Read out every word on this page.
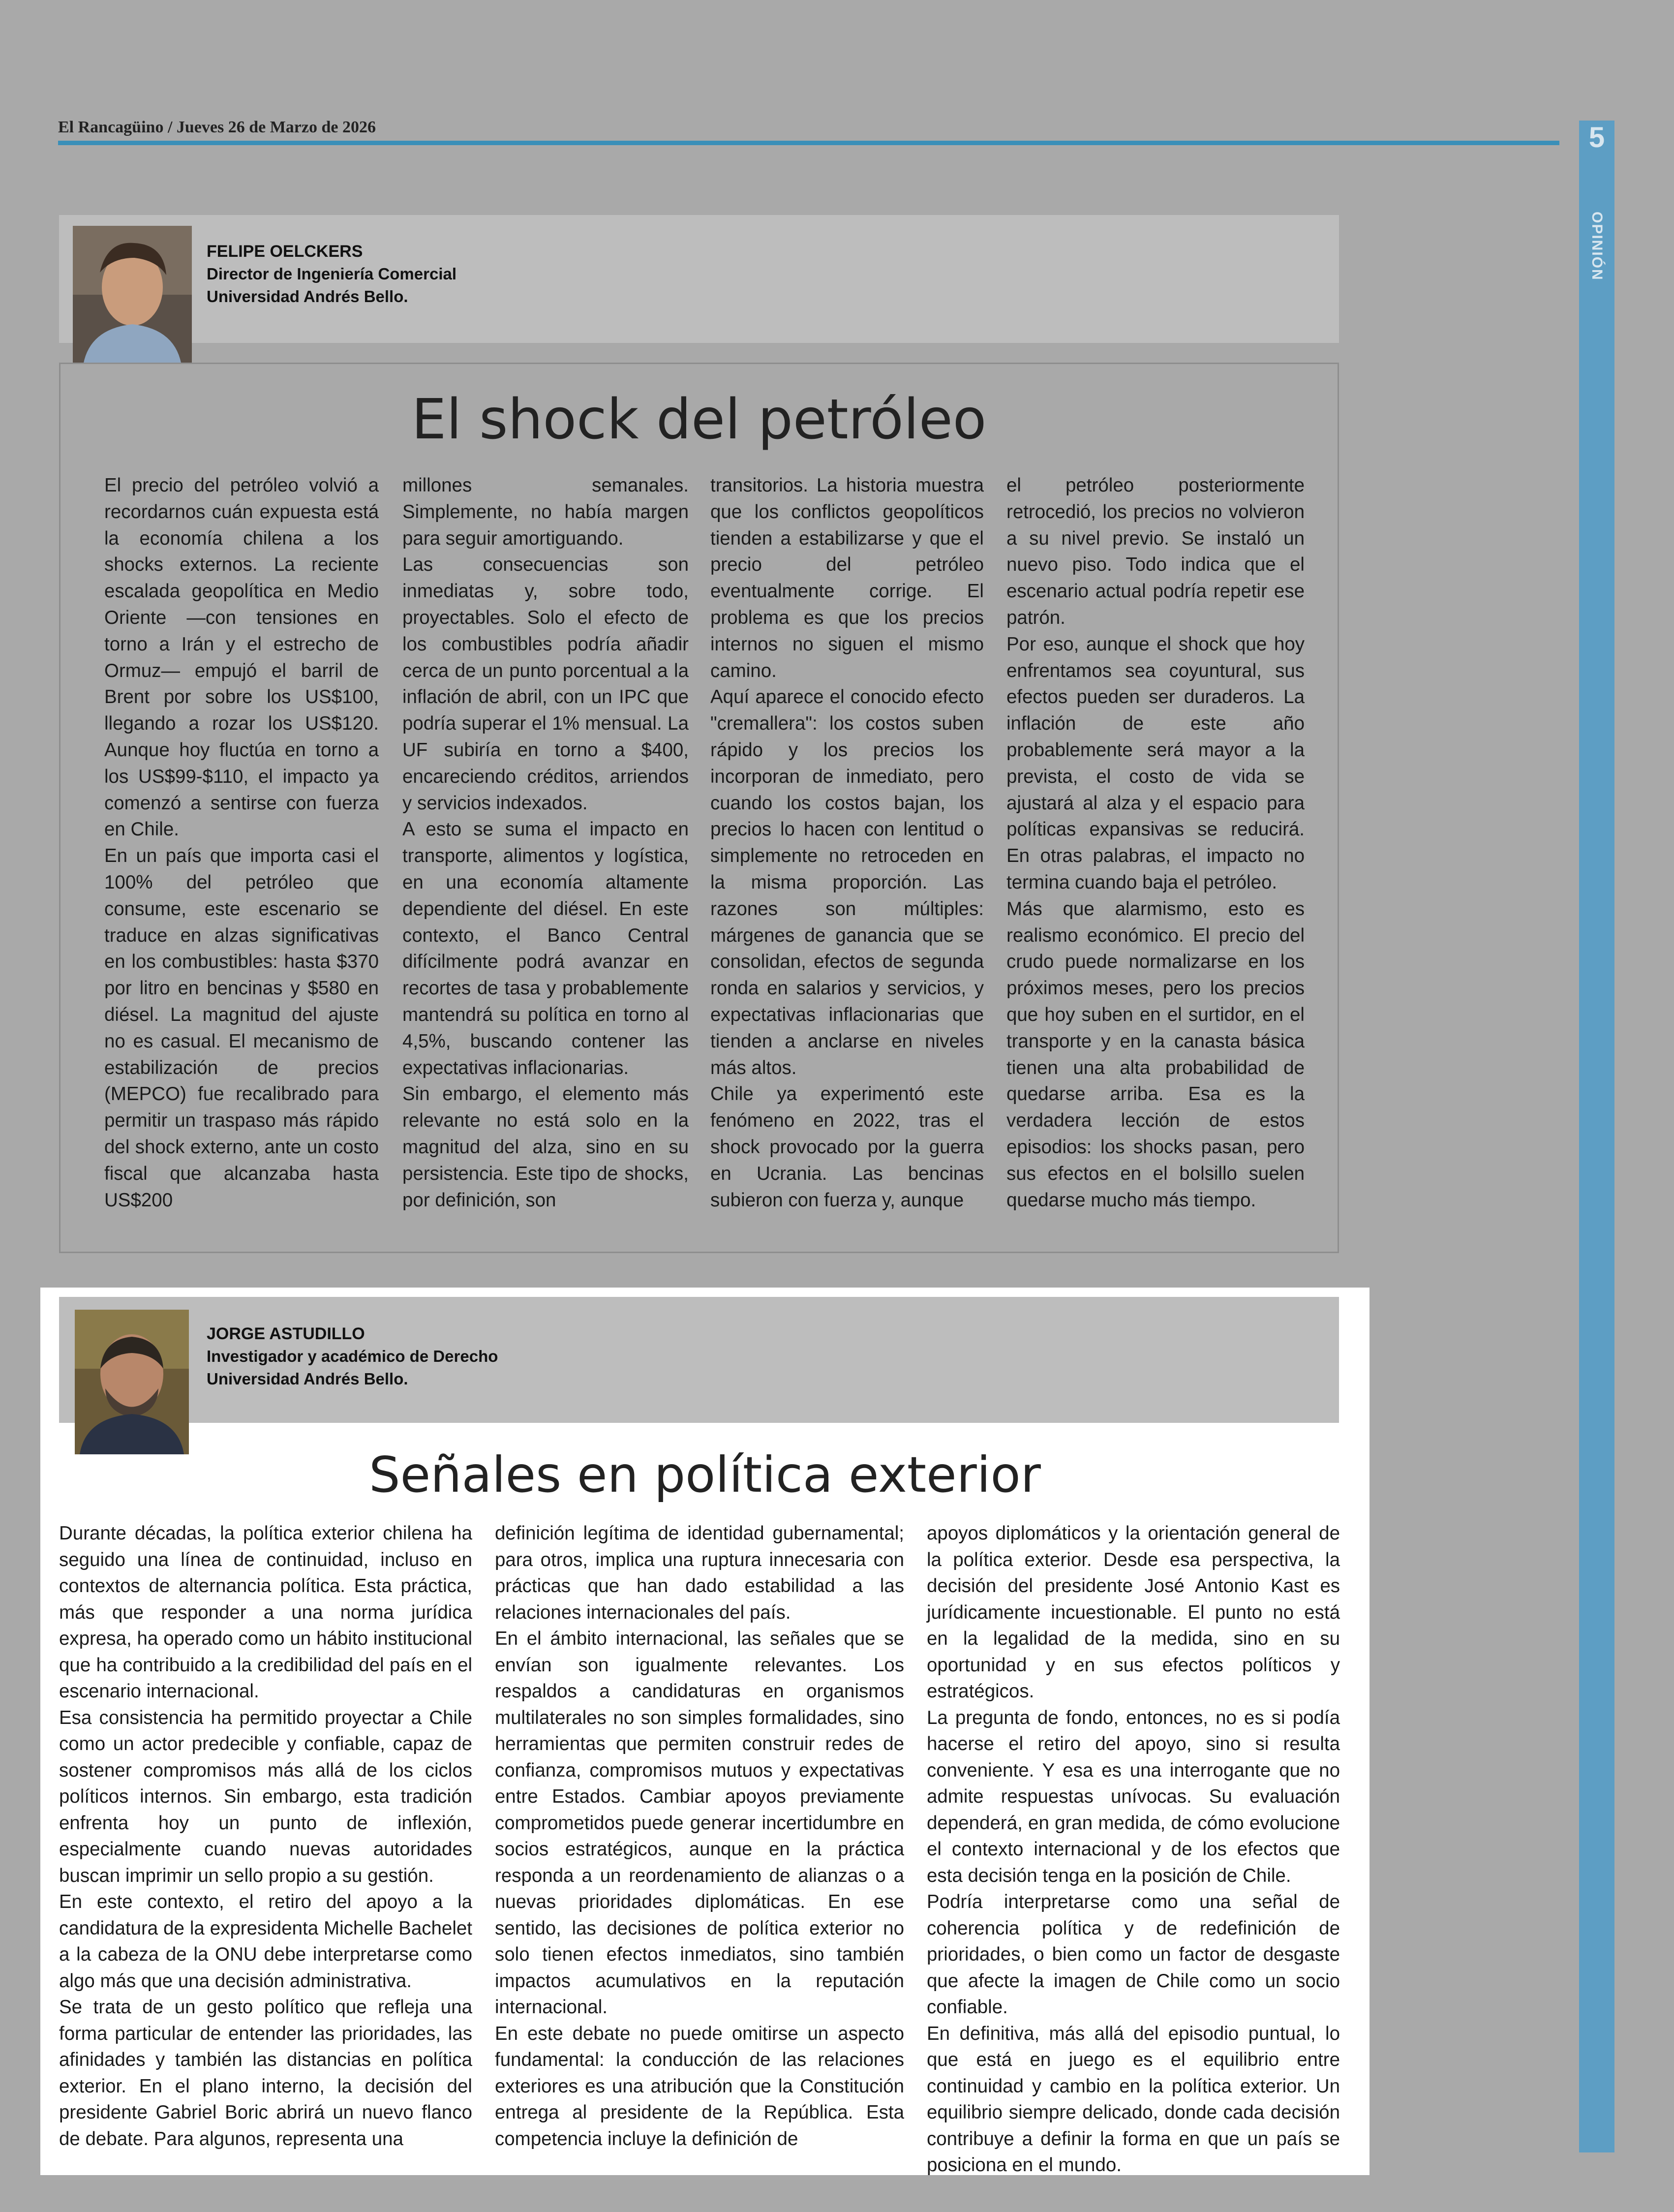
El Rancagüino / Jueves 26 de Marzo de 2026	5
OPINIÓN
FELIPE OELCKERS
Director de Ingeniería Comercial
Universidad Andrés Bello.
El shock del petróleo

El precio del petróleo volvió a recordarnos cuán expuesta está la economía chilena a los shocks externos. La reciente escalada geopolítica en Medio Oriente —con tensiones en torno a Irán y el estrecho de Ormuz— empujó el barril de Brent por sobre los US$100, llegando a rozar los US$120. Aunque hoy fluctúa en torno a los US$99-$110, el impacto ya comenzó a sentirse con fuerza en Chile.

En un país que importa casi el 100% del petróleo que consume, este escenario se traduce en alzas significativas en los combustibles: hasta $370 por litro en bencinas y $580 en diésel. La magnitud del ajuste no es casual. El mecanismo de estabilización de precios (MEPCO) fue recalibrado para permitir un traspaso más rápido del shock externo, ante un costo fiscal que alcanzaba hasta US$200

millones semanales. Simplemente, no había margen para seguir amortiguando.

Las consecuencias son inmediatas y, sobre todo, proyectables. Solo el efecto de los combustibles podría añadir cerca de un punto porcentual a la inflación de abril, con un IPC que podría superar el 1% mensual. La UF subiría en torno a $400, encareciendo créditos, arriendos y servicios indexados.

A esto se suma el impacto en transporte, alimentos y logística, en una economía altamente dependiente del diésel. En este contexto, el Banco Central difícilmente podrá avanzar en recortes de tasa y probablemente mantendrá su política en torno al 4,5%, buscando contener las expectativas inflacionarias.

Sin embargo, el elemento más relevante no está solo en la magnitud del alza, sino en su persistencia. Este tipo de shocks, por definición, son

transitorios. La historia muestra que los conflictos geopolíticos tienden a estabilizarse y que el precio del petróleo eventualmente corrige. El problema es que los precios internos no siguen el mismo camino.

Aquí aparece el conocido efecto "cremallera": los costos suben rápido y los precios los incorporan de inmediato, pero cuando los costos bajan, los precios lo hacen con lentitud o simplemente no retroceden en la misma proporción. Las razones son múltiples: márgenes de ganancia que se consolidan, efectos de segunda ronda en salarios y servicios, y expectativas inflacionarias que tienden a anclarse en niveles más altos.

Chile ya experimentó este fenómeno en 2022, tras el shock provocado por la guerra en Ucrania. Las bencinas subieron con fuerza y, aunque

el petróleo posteriormente retrocedió, los precios no volvieron a su nivel previo. Se instaló un nuevo piso. Todo indica que el escenario actual podría repetir ese patrón.

Por eso, aunque el shock que hoy enfrentamos sea coyuntural, sus efectos pueden ser duraderos. La inflación de este año probablemente será mayor a la prevista, el costo de vida se ajustará al alza y el espacio para políticas expansivas se reducirá. En otras palabras, el impacto no termina cuando baja el petróleo.

Más que alarmismo, esto es realismo económico. El precio del crudo puede normalizarse en los próximos meses, pero los precios que hoy suben en el surtidor, en el transporte y en la canasta básica tienen una alta probabilidad de quedarse arriba. Esa es la verdadera lección de estos episodios: los shocks pasan, pero sus efectos en el bolsillo suelen quedarse mucho más tiempo.

JORGE ASTUDILLO
Investigador y académico de Derecho
Universidad Andrés Bello.
Señales en política exterior

Durante décadas, la política exterior chilena ha seguido una línea de continuidad, incluso en contextos de alternancia política. Esta práctica, más que responder a una norma jurídica expresa, ha operado como un hábito institucional que ha contribuido a la credibilidad del país en el escenario internacional.

Esa consistencia ha permitido proyectar a Chile como un actor predecible y confiable, capaz de sostener compromisos más allá de los ciclos políticos internos. Sin embargo, esta tradición enfrenta hoy un punto de inflexión, especialmente cuando nuevas autoridades buscan imprimir un sello propio a su gestión.

En este contexto, el retiro del apoyo a la candidatura de la expresidenta Michelle Bachelet a la cabeza de la ONU debe interpretarse como algo más que una decisión administrativa.

Se trata de un gesto político que refleja una forma particular de entender las prioridades, las afinidades y también las distancias en política exterior. En el plano interno, la decisión del presidente Gabriel Boric abrirá un nuevo flanco de debate. Para algunos, representa una

definición legítima de identidad gubernamental; para otros, implica una ruptura innecesaria con prácticas que han dado estabilidad a las relaciones internacionales del país.

En el ámbito internacional, las señales que se envían son igualmente relevantes. Los respaldos a candidaturas en organismos multilaterales no son simples formalidades, sino herramientas que permiten construir redes de confianza, compromisos mutuos y expectativas entre Estados. Cambiar apoyos previamente comprometidos puede generar incertidumbre en socios estratégicos, aunque en la práctica responda a un reordenamiento de alianzas o a nuevas prioridades diplomáticas. En ese sentido, las decisiones de política exterior no solo tienen efectos inmediatos, sino también impactos acumulativos en la reputación internacional.

En este debate no puede omitirse un aspecto fundamental: la conducción de las relaciones exteriores es una atribución que la Constitución entrega al presidente de la República. Esta competencia incluye la definición de

apoyos diplomáticos y la orientación general de la política exterior. Desde esa perspectiva, la decisión del presidente José Antonio Kast es jurídicamente incuestionable. El punto no está en la legalidad de la medida, sino en su oportunidad y en sus efectos políticos y estratégicos.

La pregunta de fondo, entonces, no es si podía hacerse el retiro del apoyo, sino si resulta conveniente. Y esa es una interrogante que no admite respuestas unívocas. Su evaluación dependerá, en gran medida, de cómo evolucione el contexto internacional y de los efectos que esta decisión tenga en la posición de Chile.

Podría interpretarse como una señal de coherencia política y de redefinición de prioridades, o bien como un factor de desgaste que afecte la imagen de Chile como un socio confiable.

En definitiva, más allá del episodio puntual, lo que está en juego es el equilibrio entre continuidad y cambio en la política exterior. Un equilibrio siempre delicado, donde cada decisión contribuye a definir la forma en que un país se posiciona en el mundo.
